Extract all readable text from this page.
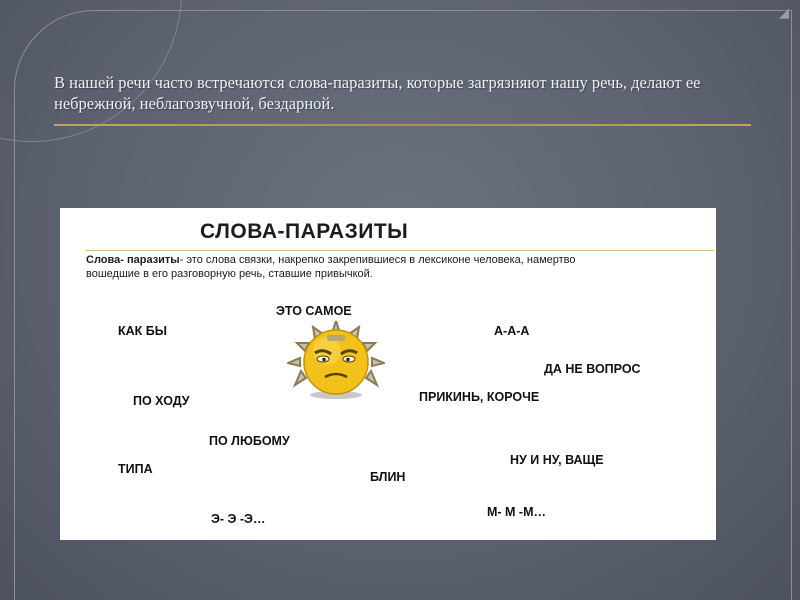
◢
В нашей речи часто встречаются слова-паразиты, которые загрязняют нашу речь, делают ее небрежной, неблагозвучной, бездарной.
СЛОВА-ПАРАЗИТЫ
Слова- паразиты- это слова связки, накрепко закрепившиеся в лексиконе человека, намертво вошедшие в его разговорную речь, ставшие привычкой.
ЭТО САМОЕ
КАК БЫ	А-А-А
ДА НЕ ВОПРОС
ПО ХОДУ	ПРИКИНЬ, КОРОЧЕ
ПО ЛЮБОМУ
ТИПА
БЛИН
НУ И НУ, ВАЩЕ
Э- Э -Э…	М- М -М…
